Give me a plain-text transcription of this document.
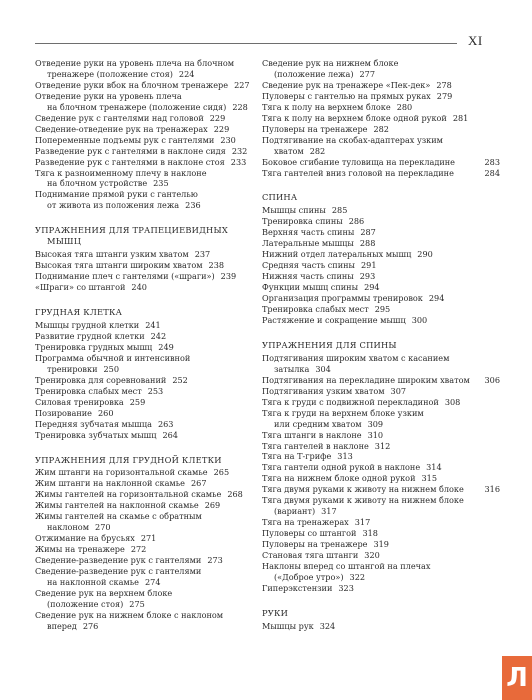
XI
Отведение руки на уровень плеча на блочном
тренажере (положение стоя) 224
Отведение руки вбок на блочном тренажере 227
Отведение руки на уровень плеча
на блочном тренажере (положение сидя) 228
Сведение рук с гантелями над головой 229
Сведение-отведение рук на тренажерах 229
Попеременные подъемы рук с гантелями 230
Разведение рук с гантелями в наклоне сидя 232
Разведение рук с гантелями в наклоне стоя 233
Тяга к разноименному плечу в наклоне
на блочном устройстве 235
Поднимание прямой руки с гантелью
от живота из положения лежа 236
УПРАЖНЕНИЯ ДЛЯ ТРАПЕЦИЕВИДНЫХ
МЫШЦ
Высокая тяга штанги узким хватом 237
Высокая тяга штанги широким хватом 238
Поднимание плеч с гантелями («шраги») 239
«Шраги» со штангой 240
ГРУДНАЯ КЛЕТКА
Мышцы грудной клетки 241
Развитие грудной клетки 242
Тренировка грудных мышц 249
Программа обычной и интенсивной
тренировки 250
Тренировка для соревнований 252
Тренировка слабых мест 253
Силовая тренировка 259
Позирование 260
Передняя зубчатая мышца 263
Тренировка зубчатых мышц 264
УПРАЖНЕНИЯ ДЛЯ ГРУДНОЙ КЛЕТКИ
Жим штанги на горизонтальной скамье 265
Жим штанги на наклонной скамье 267
Жимы гантелей на горизонтальной скамье 268
Жимы гантелей на наклонной скамье 269
Жимы гантелей на скамье с обратным
наклоном 270
Отжимание на брусьях 271
Жимы на тренажере 272
Сведение-разведение рук с гантелями 273
Сведение-разведение рук с гантелями
на наклонной скамье 274
Сведение рук на верхнем блоке
(положение стоя) 275
Сведение рук на нижнем блоке с наклоном
вперед 276
Сведение рук на нижнем блоке
(положение лежа) 277
Сведение рук на тренажере «Пек-дек» 278
Пуловеры с гантелью на прямых руках 279
Тяга к полу на верхнем блоке 280
Тяга к полу на верхнем блоке одной рукой 281
Пуловеры на тренажере 282
Подтягивание на скобах-адаптерах узким
хватом 282
Боковое сгибание туловища на перекладине	283
Тяга гантелей вниз головой на перекладине	284
СПИНА
Мышцы спины 285
Тренировка спины 286
Верхняя часть спины 287
Латеральные мышцы 288
Нижний отдел латеральных мышц 290
Средняя часть спины 291
Нижняя часть спины 293
Функции мышц спины 294
Организация программы тренировок 294
Тренировка слабых мест 295
Растяжение и сокращение мышц 300
УПРАЖНЕНИЯ ДЛЯ СПИНЫ
Подтягивания широким хватом с касанием
затылка 304
Подтягивания на перекладине широким хватом	306
Подтягивания узким хватом 307
Тяга к груди с подвижной перекладиной 308
Тяга к груди на верхнем блоке узким
или средним хватом 309
Тяга штанги в наклоне 310
Тяга гантелей в наклоне 312
Тяга на Т-грифе 313
Тяга гантели одной рукой в наклоне 314
Тяга на нижнем блоке одной рукой 315
Тяга двумя руками к животу на нижнем блоке	316
Тяга двумя руками к животу на нижнем блоке
(вариант) 317
Тяга на тренажерах 317
Пуловеры со штангой 318
Пуловеры на тренажере 319
Становая тяга штанги 320
Наклоны вперед со штангой на плечах
(«Доброе утро») 322
Гиперэкстензии 323
РУКИ
Мышцы рук 324
Л
